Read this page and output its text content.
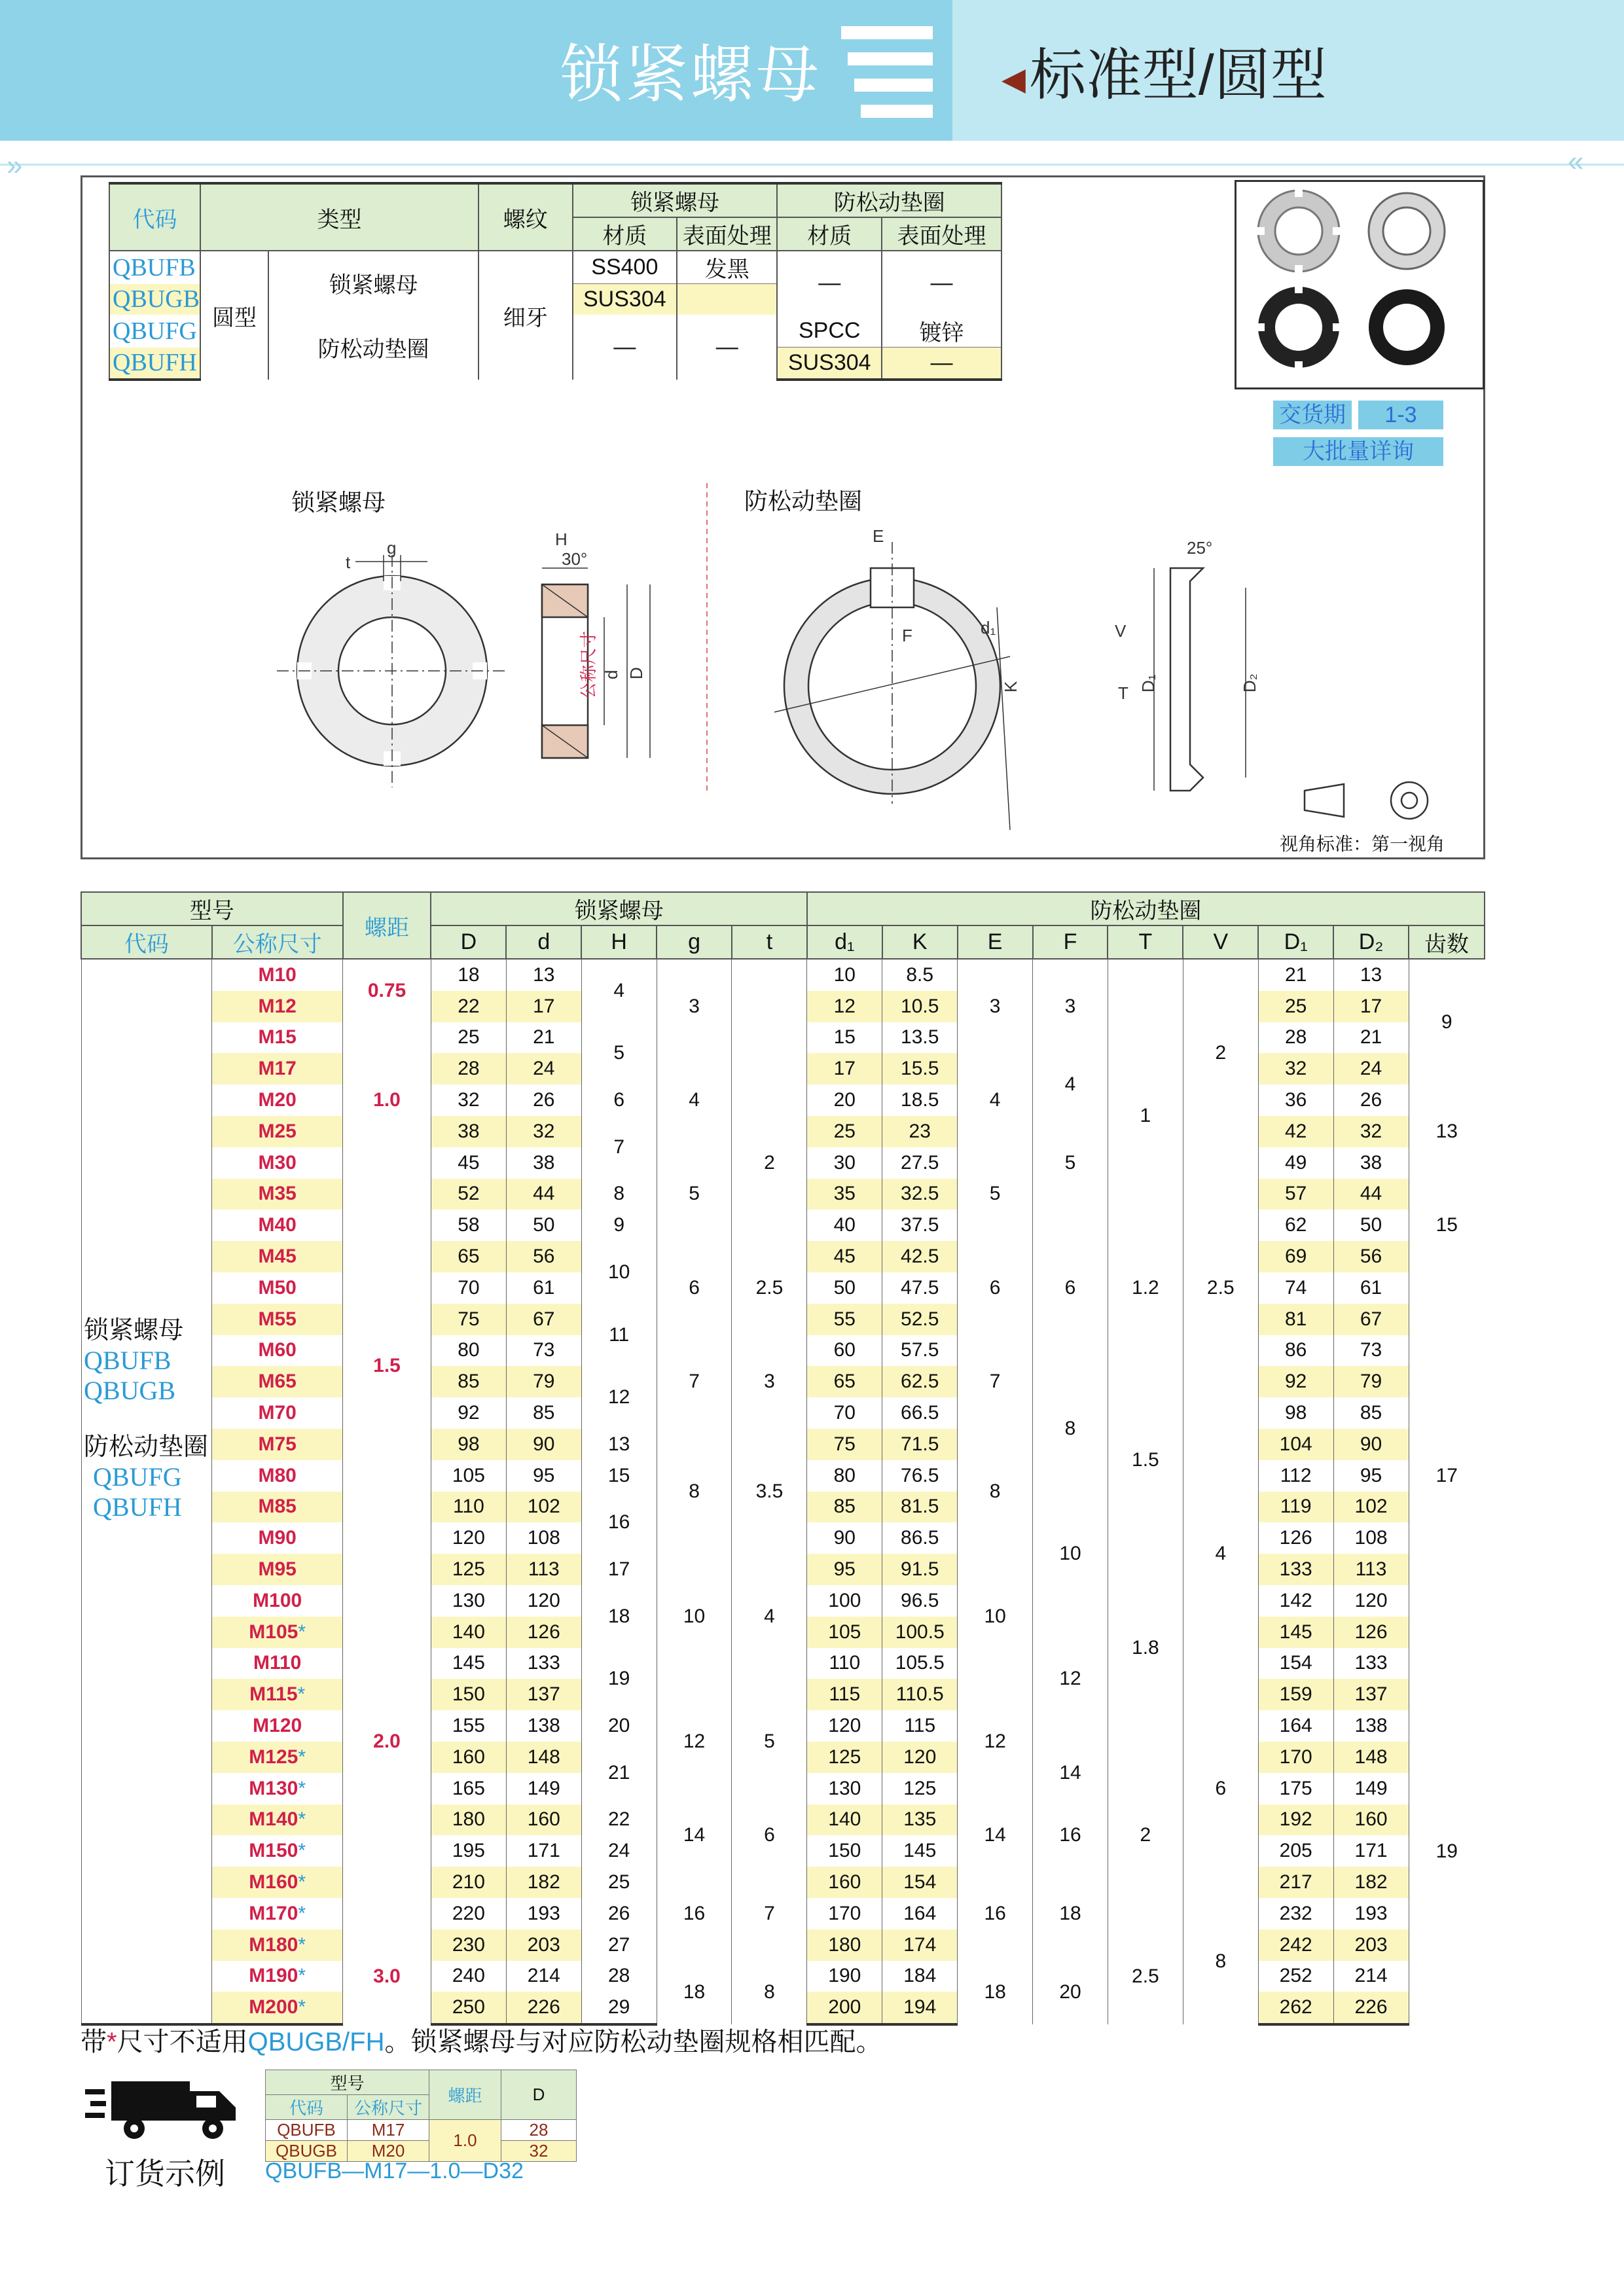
锁紧螺母	◀标准型/圆型
»	«
代码	类型		螺纹	锁紧螺母		防松动垫圈	
				材质	表面处理	材质	表面处理
QBUFB	圆型	锁紧螺母	细牙	SS400	发黑	—	—
QBUGB				SUS304			
QBUFG		防松动垫圈		—	—	SPCC	镀锌
QBUFH						SUS304	—
交货期	1-3
大批量详询
锁紧螺母	防松动垫圈
视角标准：第一视角
g
t
H
30°
公称尺寸 d D
E
F	d₁
K
25°
V
T D₁	D₂
型号		螺距	锁紧螺母					防松动垫圈								
代码	公称尺寸		D	d	H	g	t	d₁	K	E	F	T	V	D₁	D₂	齿数
	M10	0.75	18	13	4	3		10	8.5	3	3		2	21	13	9
	M12		22	17				12	10.5					25	17	
	M15	1.0	25	21	5			15	13.5			1		28	21	
	M17		28	24		4		17	15.5	4	4			32	24	
	M20		32	26	6		2	20	18.5					36	26	13
	M25		38	32	7			25	23		5			42	32	
	M30		45	38		5		30	27.5	5			2.5	49	38	
	M35	1.5	52	44	8			35	32.5					57	44	15
	M40		58	50	9			40	37.5		6	1.2		62	50	
	M45		65	56	10	6	2.5	45	42.5	6				69	56	
	M50		70	61				50	47.5					74	61	17
	M55		75	67	11			55	52.5					81	67	
	M60		80	73		7	3	60	57.5	7				86	73	
	M65		85	79	12			65	62.5		8	1.5		92	79	
	M70		92	85				70	66.5					98	85	
	M75		98	90	13	8	3.5	75	71.5	8			4	104	90	
	M80		105	95	15			80	76.5					112	95	
	M85		110	102	16			85	81.5		10			119	102	
	M90		120	108				90	86.5					126	108	
	M95	2.0	125	113	17	10	4	95	91.5	10		1.8		133	113	
	M100		130	120	18			100	96.5					142	120	
	M105*		140	126				105	100.5		12			145	126	
	M110		145	133	19			110	105.5					154	133	
	M115*		150	137		12	5	115	110.5	12			6	159	137	19
	M120		155	138	20			120	115					164	138	
	M125*		160	148	21			125	120		14	2		170	148	
	M130*		165	149				130	125					175	149	
	M140*		180	160	22	14	6	140	135	14	16			192	160	
	M150*		195	171	24			150	145					205	171	
	M160*		210	182	25	16	7	160	154	16	18			217	182	
	M170*		220	193	26			170	164				8	232	193	
	M180*	3.0	230	203	27			180	174			2.5		242	203	
	M190*		240	214	28	18	8	190	184	18	20			252	214	
	M200*		250	226	29			200	194					262	226	
锁紧螺母
QBUFB
QBUGB
防松动垫圈
QBUFG
QBUFH
带*尺寸不适用QBUGB/FH。锁紧螺母与对应防松动垫圈规格相匹配。
订货示例
型号		螺距	D
代码	公称尺寸		
QBUFB	M17	1.0	28
QBUGB	M20		32
QBUFB—M17—1.0—D32
